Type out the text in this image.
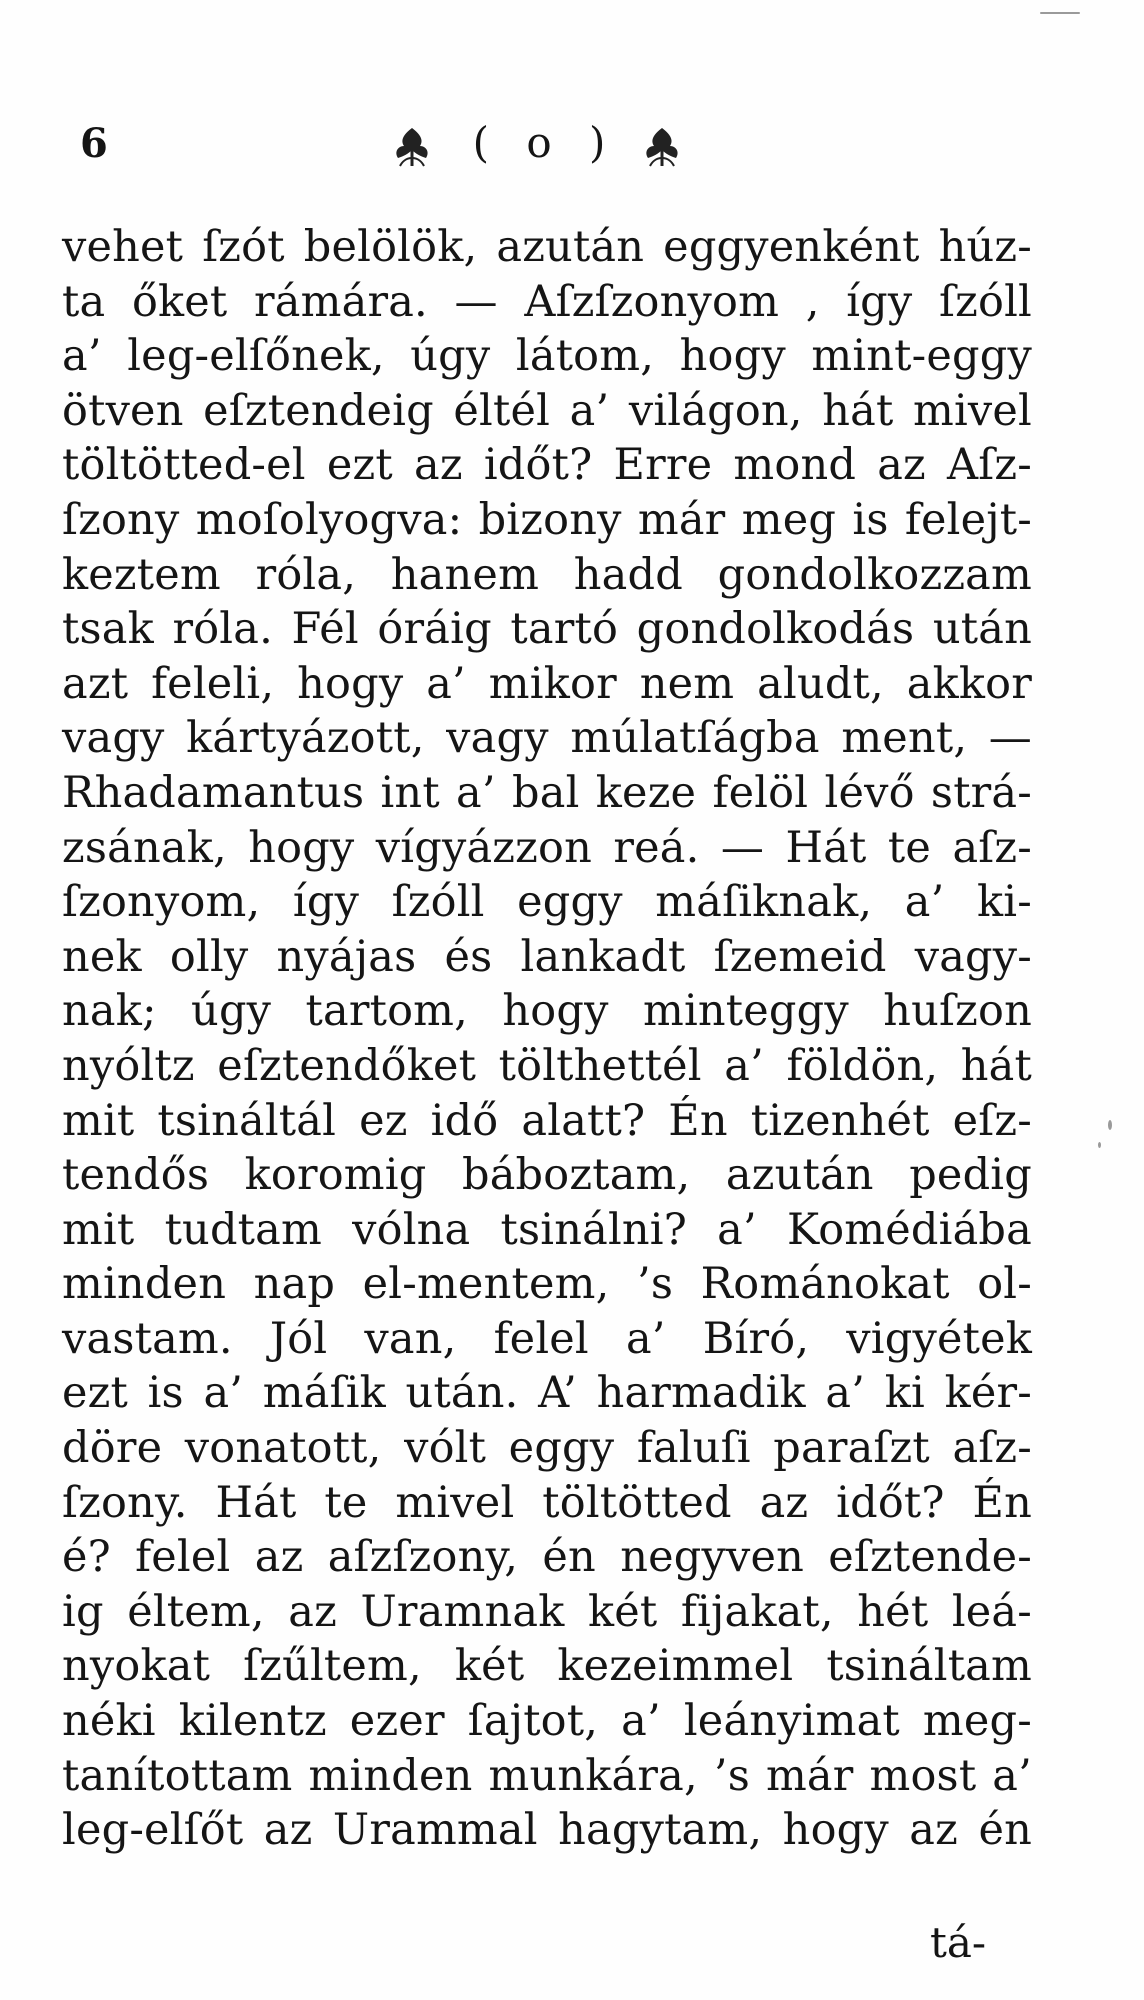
6	( o )
vehet ſzót belölök, azután eggyenként húz-
ta őket rámára. — Aſzſzonyom , így ſzóll
a’ leg-elſőnek, úgy látom, hogy mint-eggy
ötven eſztendeig éltél a’ világon, hát mivel
töltötted-el ezt az időt? Erre mond az Aſz-
ſzony moſolyogva: bizony már meg is felejt-
keztem róla, hanem hadd gondolkozzam
tsak róla. Fél óráig tartó gondolkodás után
azt feleli, hogy a’ mikor nem aludt, akkor
vagy kártyázott, vagy múlatſágba ment, —
Rhadamantus int a’ bal keze felöl lévő strá-
zsának, hogy vígyázzon reá. — Hát te aſz-
ſzonyom, így ſzóll eggy máſiknak, a’ ki-
nek olly nyájas és lankadt ſzemeid vagy-
nak; úgy tartom, hogy minteggy huſzon
nyóltz eſztendőket tölthettél a’ földön, hát
mit tsináltál ez idő alatt? Én tizenhét eſz-
tendős koromig báboztam, azután pedig
mit tudtam vólna tsinálni? a’ Komédiába
minden nap el-mentem, ’s Románokat ol-
vastam. Jól van, felel a’ Bíró, vigyétek
ezt is a’ máſik után. A’ harmadik a’ ki kér-
döre vonatott, vólt eggy faluſi paraſzt aſz-
ſzony. Hát te mivel töltötted az időt? Én
é? felel az aſzſzony, én negyven eſztende-
ig éltem, az Uramnak két fijakat, hét leá-
nyokat ſzűltem, két kezeimmel tsináltam
néki kilentz ezer ſajtot, a’ leányimat meg-
tanítottam minden munkára, ’s már most a’
leg-elſőt az Urammal hagytam, hogy az én
tá-
